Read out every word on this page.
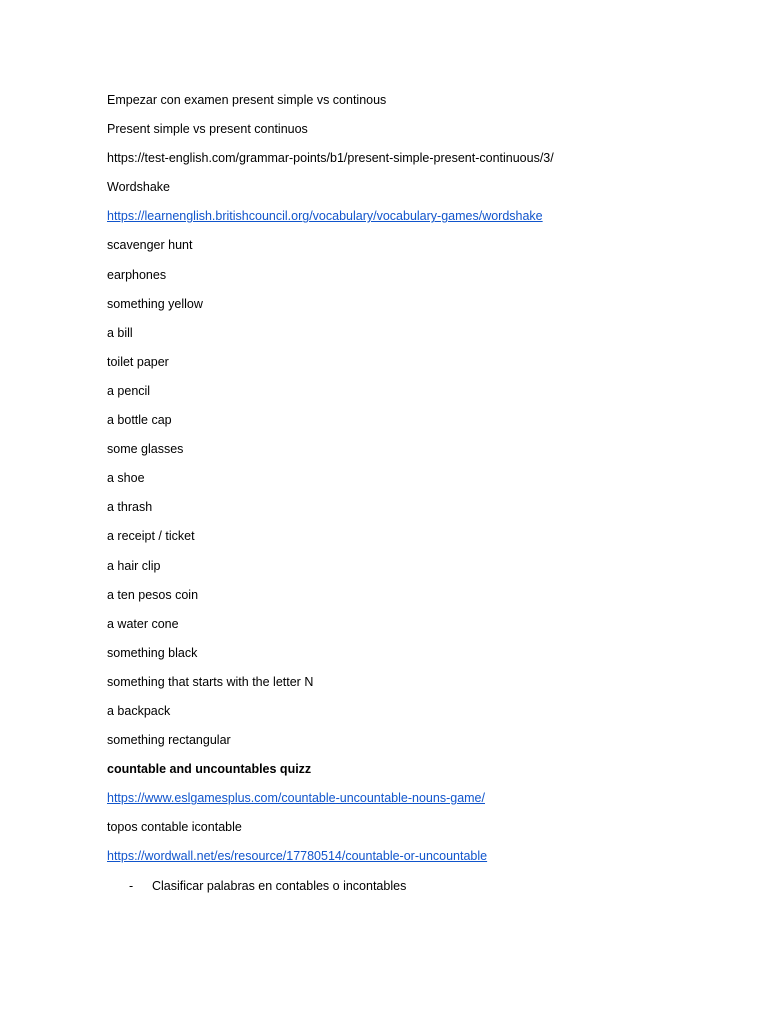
Empezar con examen present simple vs continous
Present simple vs present continuos
https://test-english.com/grammar-points/b1/present-simple-present-continuous/3/
Wordshake
https://learnenglish.britishcouncil.org/vocabulary/vocabulary-games/wordshake
scavenger hunt
earphones
something yellow
a bill
toilet paper
a pencil
a bottle cap
some glasses
a shoe
a thrash
a receipt / ticket
a hair clip
a ten pesos coin
a water cone
something black
something that starts with the letter N
a backpack
something rectangular
countable and uncountables quizz
https://www.eslgamesplus.com/countable-uncountable-nouns-game/
topos contable icontable
https://wordwall.net/es/resource/17780514/countable-or-uncountable
- Clasificar palabras en contables o incontables
